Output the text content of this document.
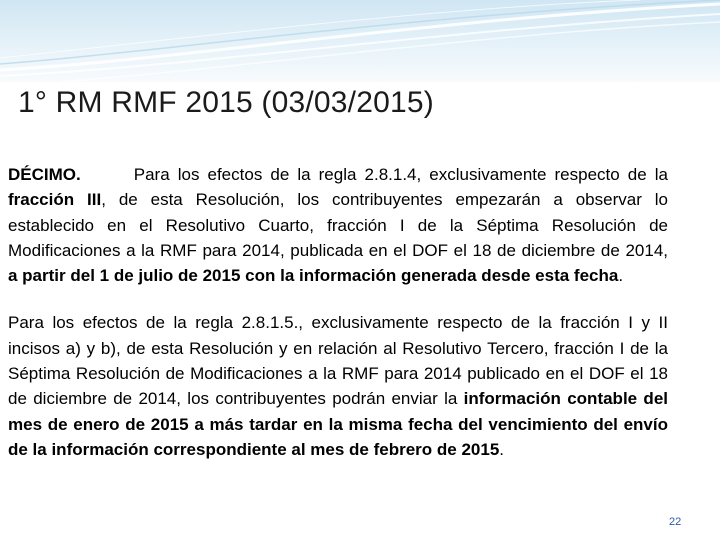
1° RM RMF 2015 (03/03/2015)

DÉCIMO.	Para los efectos de la regla 2.8.1.4, exclusivamente respecto de la fracción III, de esta Resolución, los contribuyentes empezarán a observar lo establecido en el Resolutivo Cuarto, fracción I de la Séptima Resolución de Modificaciones a la RMF para 2014, publicada en el DOF el 18 de diciembre de 2014, a partir del 1 de julio de 2015 con la información generada desde esta fecha.

Para los efectos de la regla 2.8.1.5., exclusivamente respecto de la fracción I y II incisos a) y b), de esta Resolución y en relación al Resolutivo Tercero, fracción I de la Séptima Resolución de Modificaciones a la RMF para 2014 publicado en el DOF el 18 de diciembre de 2014, los contribuyentes podrán enviar la información contable del mes de enero de 2015 a más tardar en la misma fecha del vencimiento del envío de la información correspondiente al mes de febrero de 2015.

22
